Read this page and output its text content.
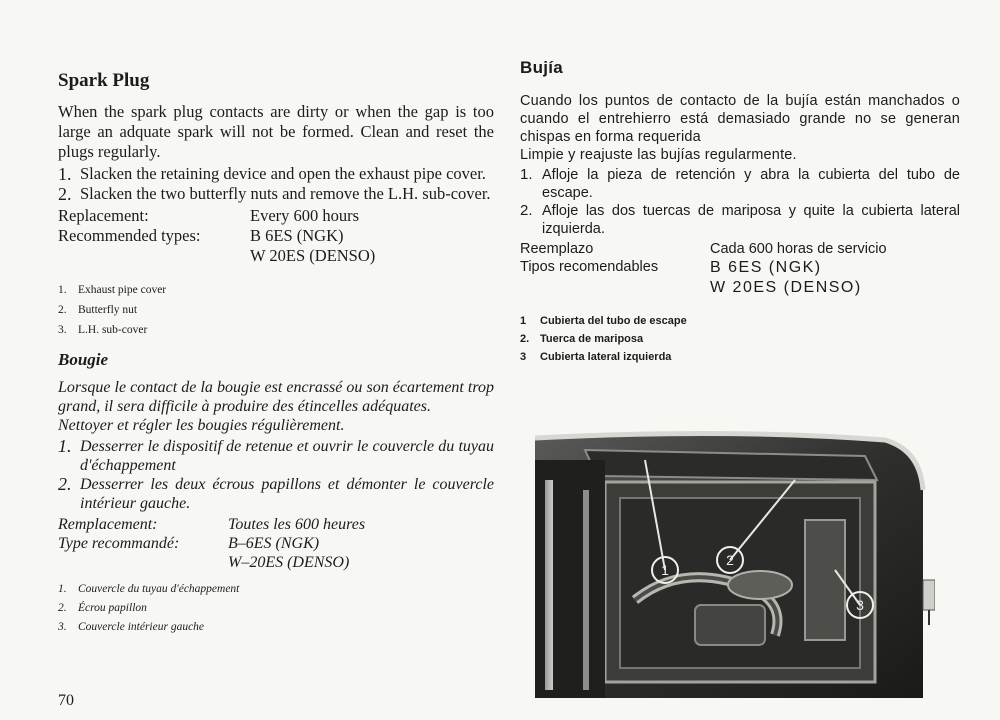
Spark Plug

When the spark plug contacts are dirty or when the gap is too large an adquate spark will not be formed. Clean and reset the plugs regularly.

1. Slacken the retaining device and open the exhaust pipe cover.
2. Slacken the two butterfly nuts and remove the L.H. sub-cover.
Replacement:	Every 600 hours
Recommended types:	B 6ES (NGK)
W 20ES (DENSO)
1. Exhaust pipe cover
2. Butterfly nut
3. L.H. sub-cover
Bougie

Lorsque le contact de la bougie est encrassé ou son écartement trop grand, il sera difficile à produire des étincelles adéquates.
Nettoyer et régler les bougies régulièrement.

1. Desserrer le dispositif de retenue et ouvrir le couvercle du tuyau d'échappement
2. Desserrer les deux écrous papillons et démonter le couvercle intérieur gauche.
Remplacement:	Toutes les 600 heures
Type recommandé:	B–6ES (NGK)
W–20ES (DENSO)
1. Couvercle du tuyau d'échappement
2. Écrou papillon
3. Couvercle intérieur gauche
70
Bujía

Cuando los puntos de contacto de la bujía están manchados o cuando el entrehierro está demasiado grande no se generan chispas en forma requerida
Limpie y reajuste las bujías regularmente.

1. Afloje la pieza de retención y abra la cubierta del tubo de escape.
2. Afloje las dos tuercas de mariposa y quite la cubierta lateral izquierda.
Reemplazo	Cada 600 horas de servicio
Tipos recomendables	B 6ES (NGK)
W 20ES (DENSO)
1	Cubierta del tubo de escape
2. Tuerca de mariposa
3	Cubierta lateral izquierda
1
2
3
